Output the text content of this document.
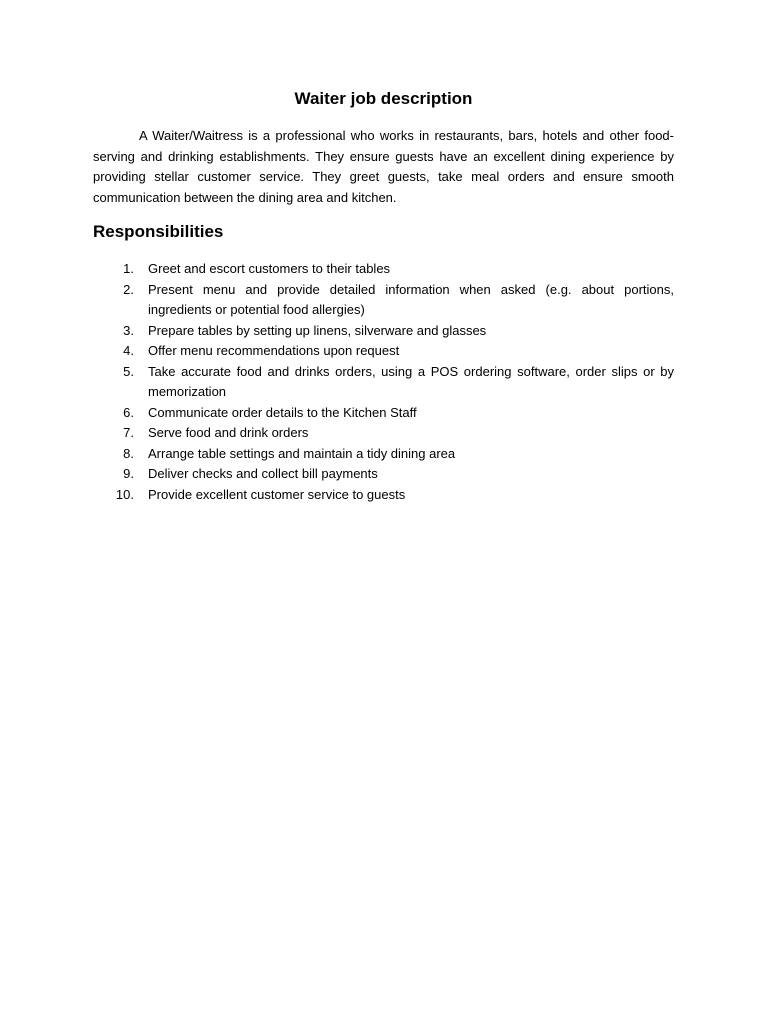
Waiter job description

A Waiter/Waitress is a professional who works in restaurants, bars, hotels and other food-serving and drinking establishments. They ensure guests have an excellent dining experience by providing stellar customer service. They greet guests, take meal orders and ensure smooth communication between the dining area and kitchen.

Responsibilities
1. Greet and escort customers to their tables
2. Present menu and provide detailed information when asked (e.g. about portions, ingredients or potential food allergies)
3. Prepare tables by setting up linens, silverware and glasses
4. Offer menu recommendations upon request
5. Take accurate food and drinks orders, using a POS ordering software, order slips or by memorization
6. Communicate order details to the Kitchen Staff
7. Serve food and drink orders
8. Arrange table settings and maintain a tidy dining area
9. Deliver checks and collect bill payments
10. Provide excellent customer service to guests
